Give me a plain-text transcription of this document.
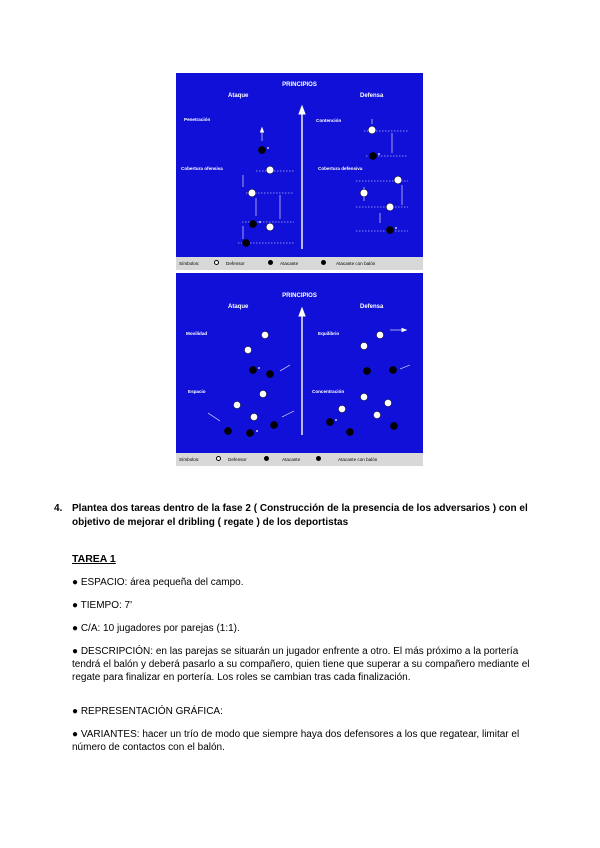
PRINCIPIOS
Ataque	Defensa
Penetración
Cobertura ofensiva
Contención
Cobertura defensiva
Símbolos:	Defensor	Atacante	Atacante con balón
PRINCIPIOS
Ataque	Defensa
Movilidad
Espacio
Equilibrio
Concentración
Símbolos:	Defensor	Atacante	Atacante con balón
4. Plantea dos tareas dentro de la fase 2 ( Construcción de la presencia de los adversarios ) con el objetivo de mejorar el dribling ( regate ) de los deportistas
TAREA 1
● ESPACIO: área pequeña del campo.
● TIEMPO: 7'
● C/A: 10 jugadores por parejas (1:1).
● DESCRIPCIÓN: en las parejas se situarán un jugador enfrente a otro. El más próximo a la portería tendrá el balón y deberá pasarlo a su compañero, quien tiene que superar a su compañero mediante el regate para finalizar en portería. Los roles se cambian tras cada finalización.
● REPRESENTACIÓN GRÁFICA:
● VARIANTES: hacer un trío de modo que siempre haya dos defensores a los que regatear, limitar el número de contactos con el balón.
